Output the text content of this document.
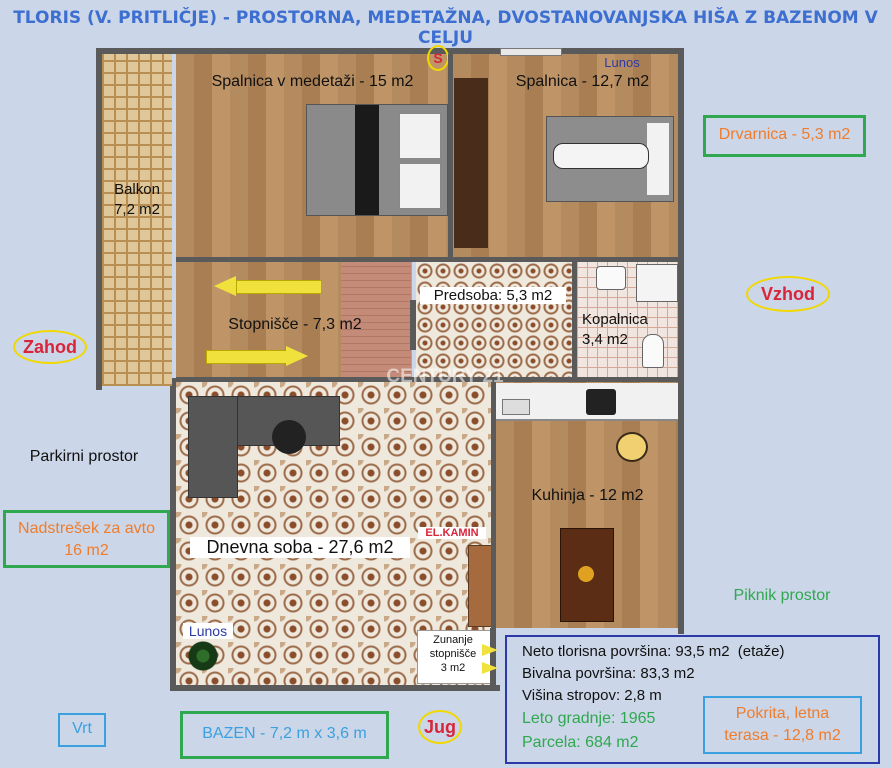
TLORIS (V. PRITLIČJE) - PROSTORNA, MEDETAŽNA, DVOSTANOVANJSKA HIŠA Z BAZENOM V CELJU
Balkon
7,2 m2
Spalnica v medetaži - 15 m2
S
Spalnica - 12,7 m2
Lunos
Stopnišče - 7,3 m2
Predsoba: 5,3 m2
Kopalnica
3,4 m2
EL.KAMIN
Dnevna soba - 27,6 m2
Lunos
Kuhinja - 12 m2
Zunanje
stopnišče
3 m2
CENTURY 21
Drvarnica - 5,3 m2
Vzhod
Zahod
Jug
Parkirni prostor
Nadstrešek za avto
16 m2
Piknik prostor
Vrt	BAZEN - 7,2 m x 3,6 m
Neto tlorisna površina: 93,5 m2 (etaže)
Bivalna površina: 83,3 m2
Višina stropov: 2,8 m
Leto gradnje: 1965
Parcela: 684 m2
Pokrita, letna
terasa - 12,8 m2
